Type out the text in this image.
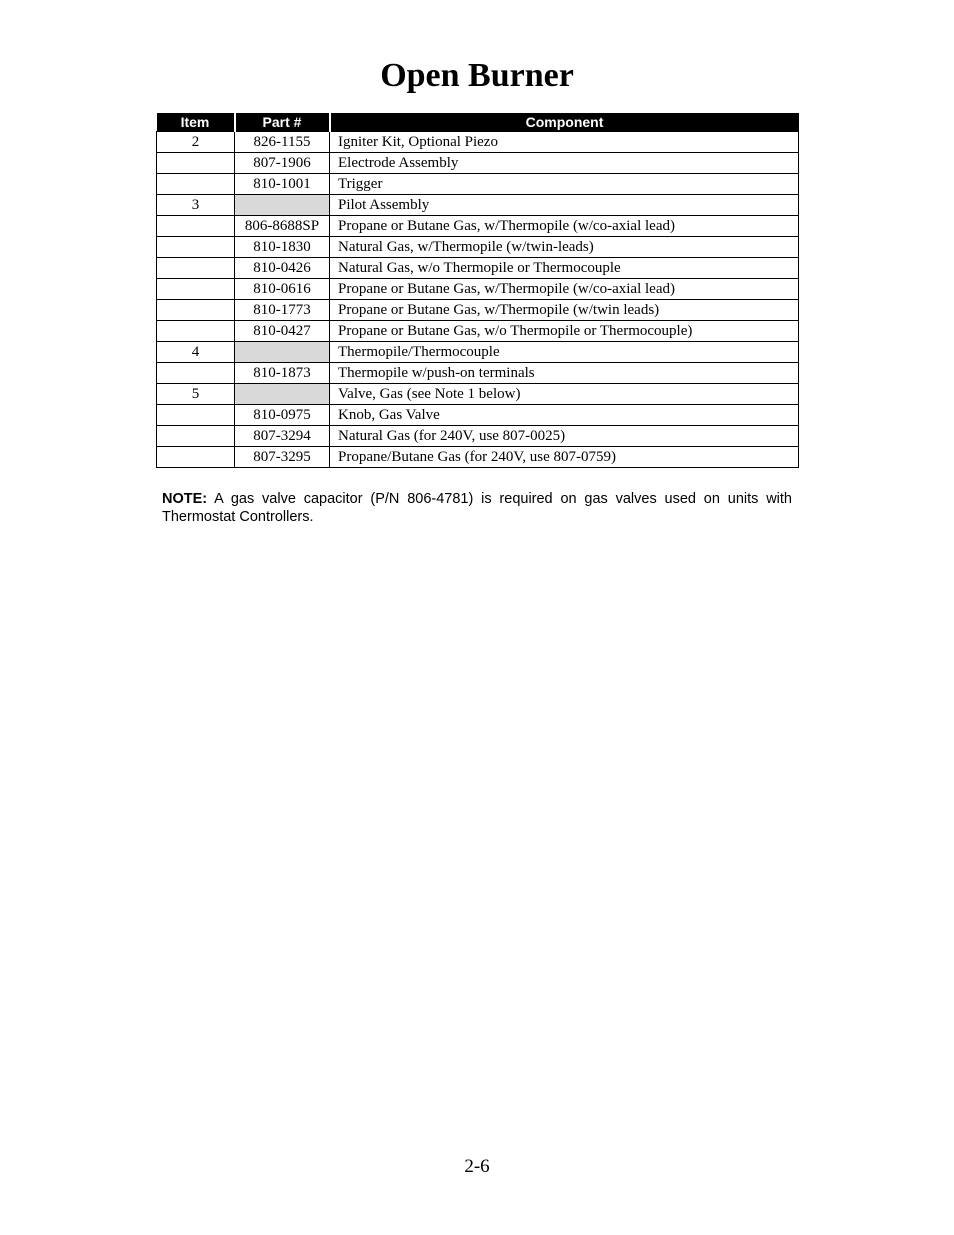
Open Burner
Item	Part #	Component
2	826-1155	Igniter Kit, Optional Piezo
	807-1906	Electrode Assembly
	810-1001	Trigger
3		Pilot Assembly
	806-8688SP	Propane or Butane Gas, w/Thermopile (w/co-axial lead)
	810-1830	Natural Gas, w/Thermopile (w/twin-leads)
	810-0426	Natural Gas, w/o Thermopile or Thermocouple
	810-0616	Propane or Butane Gas, w/Thermopile (w/co-axial lead)
	810-1773	Propane or Butane Gas, w/Thermopile (w/twin leads)
	810-0427	Propane or Butane Gas, w/o Thermopile or Thermocouple)
4		Thermopile/Thermocouple
	810-1873	Thermopile w/push-on terminals
5		Valve, Gas (see Note 1 below)
	810-0975	Knob, Gas Valve
	807-3294	Natural Gas (for 240V, use 807-0025)
	807-3295	Propane/Butane Gas (for 240V, use 807-0759)
NOTE: A gas valve capacitor (P/N 806-4781) is required on gas valves used on units with Thermostat Controllers.
2-6
